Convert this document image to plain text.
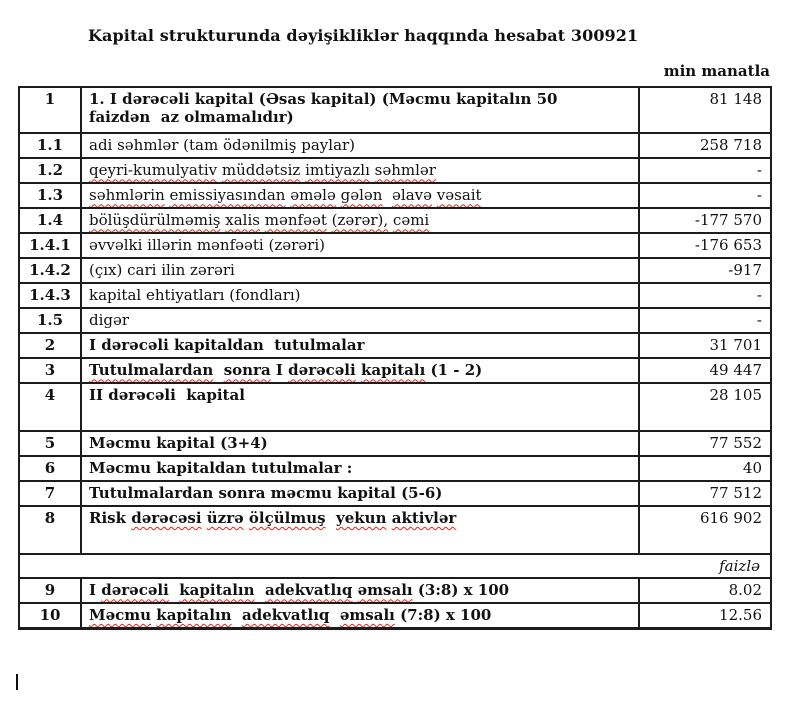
Kapital strukturunda dəyişikliklər haqqında hesabat 300921
min manatla
1	1. I dərəcəli kapital (Əsas kapital) (Məcmu kapitalın 50
faizdən  az olmamalıdır)	81 148
1.1	adi səhmlər (tam ödənilmiş paylar)	258 718
1.2	qeyri-kumulyativ müddətsiz imtiyazlı səhmlər	-
1.3	səhmlərin emissiyasından əmələ gələn əlavə vəsait	-
1.4	bölüşdürülməmiş xalis mənfəət (zərər), cəmi	-177 570
1.4.1	əvvəlki illərin mənfəəti (zərəri)	-176 653
1.4.2	(çıx) cari ilin zərəri	-917
1.4.3	kapital ehtiyatları (fondları)	-
1.5	digər	-
2	I dərəcəli kapitaldan  tutulmalar	31 701
3	Tutulmalardan sonra I dərəcəli kapitalı (1 - 2)	49 447
4	II dərəcəli  kapital	28 105
5	Məcmu kapital (3+4)	77 552
6	Məcmu kapitaldan tutulmalar :	40
7	Tutulmalardan sonra məcmu kapital (5-6)	77 512
8	Risk dərəcəsi üzrə ölçülmuş yekun aktivlər	616 902
faizlə		
9	I dərəcəli kapitalın adekvatlıq əmsalı (3:8) x 100	8.02
10	Məcmu kapitalın adekvatlıq əmsalı (7:8) x 100	12.56
